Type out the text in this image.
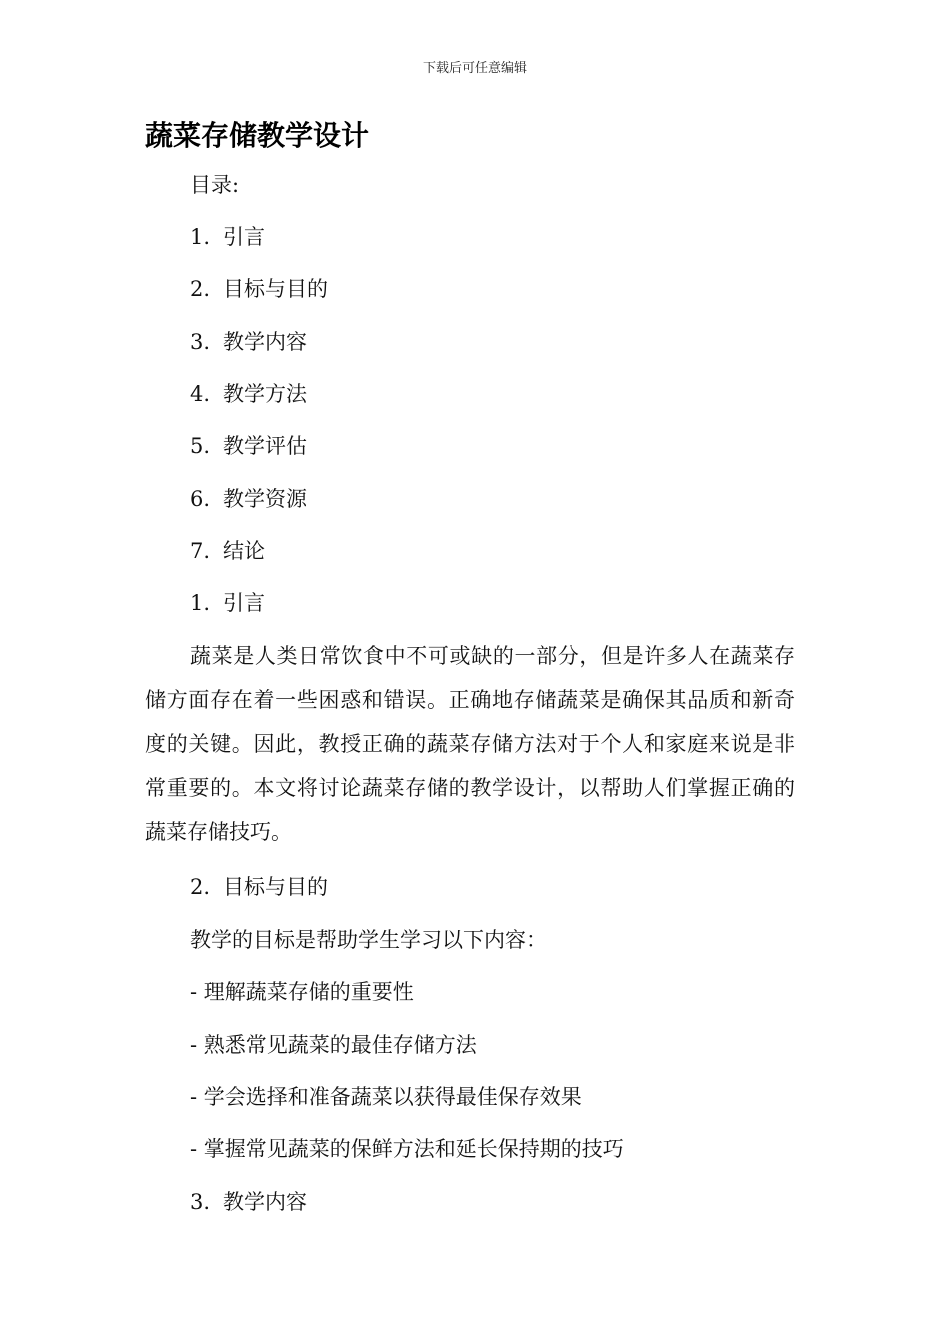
下载后可任意编辑
蔬菜存储教学设计
目录:
1. 引言
2. 目标与目的
3. 教学内容
4. 教学方法
5. 教学评估
6. 教学资源
7. 结论
1. 引言

蔬菜是人类日常饮食中不可或缺的一部分，但是许多人在蔬菜存储方面存在着一些困惑和错误。正确地存储蔬菜是确保其品质和新奇度的关键。因此，教授正确的蔬菜存储方法对于个人和家庭来说是非常重要的。本文将讨论蔬菜存储的教学设计，以帮助人们掌握正确的蔬菜存储技巧。

2. 目标与目的
教学的目标是帮助学生学习以下内容：
- 理解蔬菜存储的重要性
- 熟悉常见蔬菜的最佳存储方法
- 学会选择和准备蔬菜以获得最佳保存效果
- 掌握常见蔬菜的保鲜方法和延长保持期的技巧
3. 教学内容
